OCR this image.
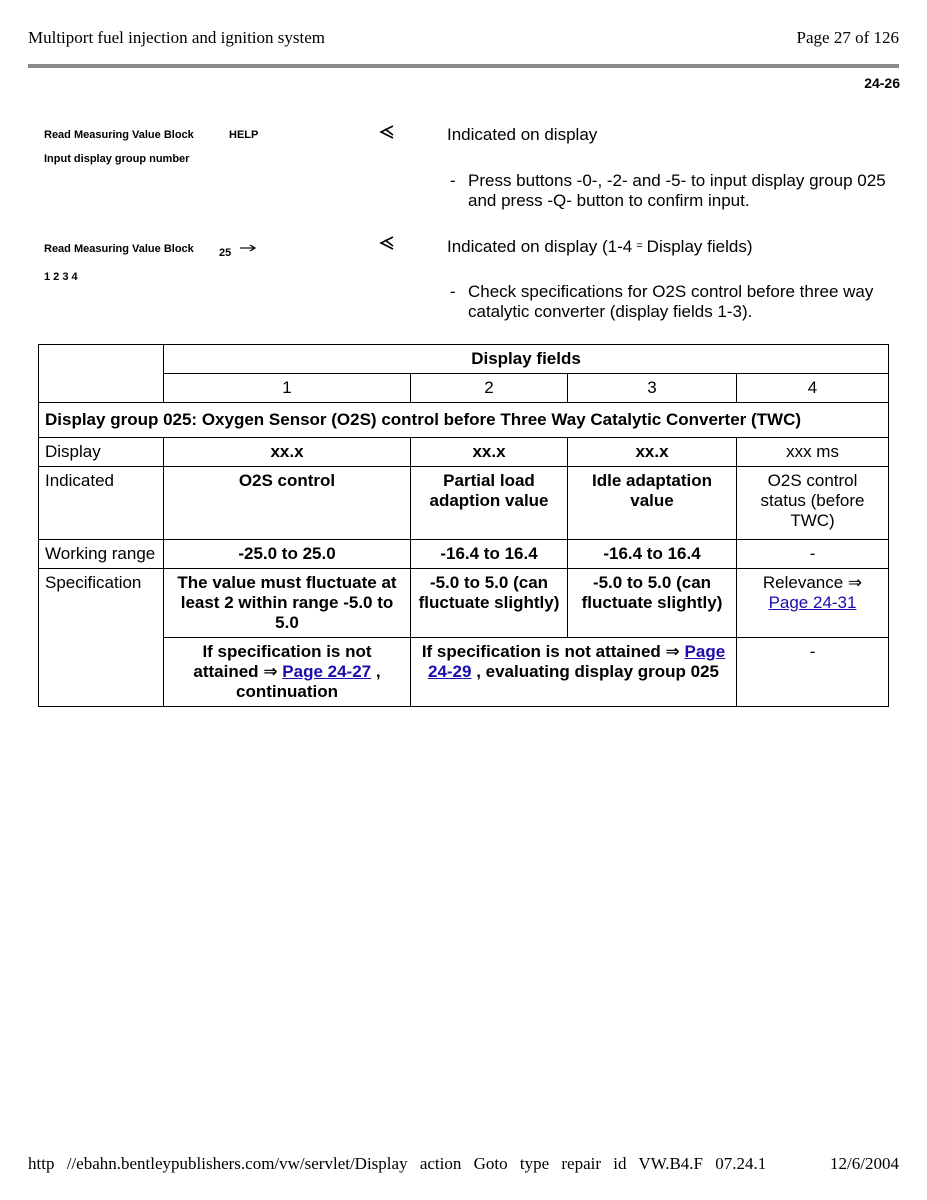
Multiport fuel injection and ignition system	Page 27 of 126
24-26
Read Measuring Value Block	HELP
Input display group number
Read Measuring Value Block 25
1 2 3 4
Indicated on display
- Press buttons -0-, -2- and -5- to input display group 025 and press -Q- button to confirm input.
Indicated on display (1-4 = Display fields)
- Check specifications for O2S control before three way catalytic converter (display fields 1-3).
	Display fields			
	1	2	3	4
Display group 025: Oxygen Sensor (O2S) control before Three Way Catalytic Converter (TWC)				
Display	xx.x	xx.x	xx.x	xxx ms
Indicated	O2S control	Partial load adaption value	Idle adaptation value	O2S control status (before TWC)
Working range	-25.0 to 25.0	-16.4 to 16.4	-16.4 to 16.4	-
Specification	The value must fluctuate at least 2 within range -5.0 to 5.0	-5.0 to 5.0 (can fluctuate slightly)	-5.0 to 5.0 (can fluctuate slightly)	Relevance ⇒ Page 24-31
	If specification is not attained ⇒ Page 24-27 , continuation	If specification is not attained ⇒ Page 24-29 , evaluating display group 025		-
http //ebahn.bentleypublishers.com/vw/servlet/Display action Goto type repair id VW.B4.F 07.24.1	12/6/2004
